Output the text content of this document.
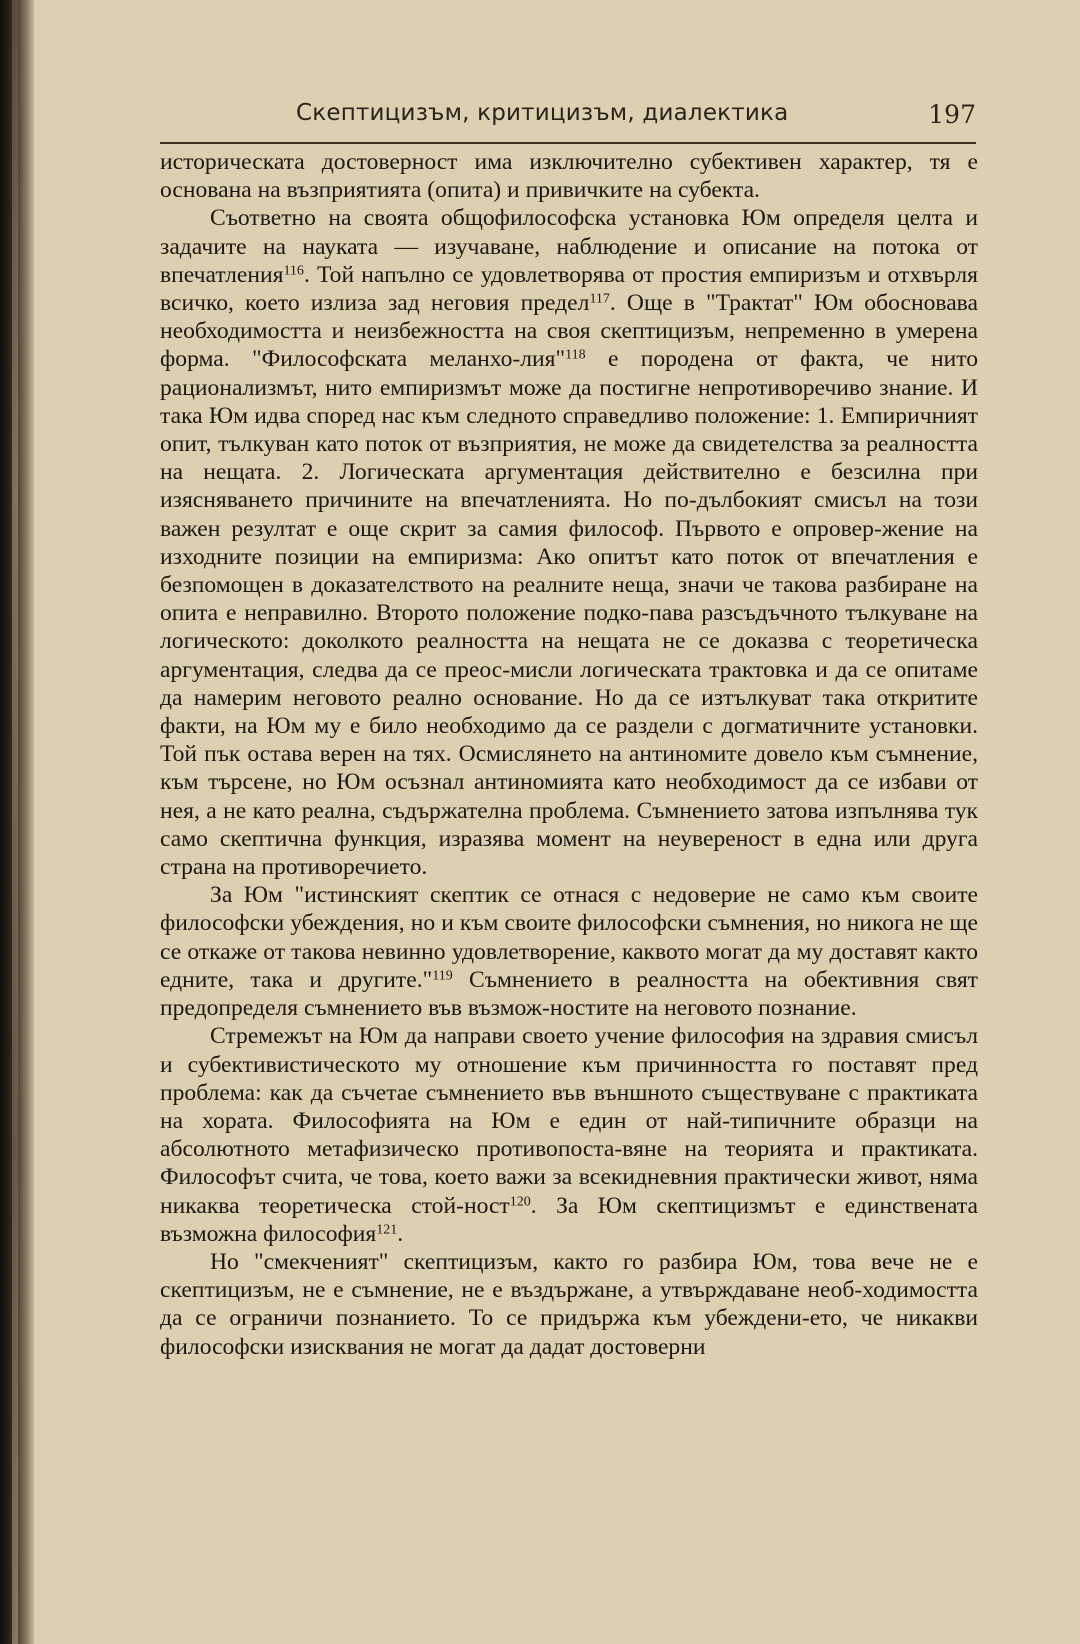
Скептицизъм, критицизъм, диалектика	197

историческата достоверност има изключително субективен характер, тя е основана на възприятията (опита) и привичките на субекта.

Съответно на своята общофилософска установка Юм определя целта и задачите на науката — изучаване, наблюдение и описание на потока от впечатления$^{116}$. Той напълно се удовлетворява от простия емпиризъм и отхвърля всичко, което излиза зад неговия предел$^{117}$. Още в "Трактат" Юм обосновава необходимостта и неизбежността на своя скептицизъм, непременно в умерена форма. "Философската меланхо-лия"$^{118}$ е породена от факта, че нито рационализмът, нито емпиризмът може да постигне непротиворечиво знание. И така Юм идва според нас към следното справедливо положение: 1. Емпиричният опит, тълкуван като поток от възприятия, не може да свидетелства за реалността на нещата. 2. Логическата аргументация действително е безсилна при изясняването причините на впечатленията. Но по-дълбокият смисъл на този важен резултат е още скрит за самия философ. Първото е опровер-жение на изходните позиции на емпиризма: Ако опитът като поток от впечатления е безпомощен в доказателството на реалните неща, значи че такова разбиране на опита е неправилно. Второто положение подко-пава разсъдъчното тълкуване на логическото: доколкото реалността на нещата не се доказва с теоретическа аргументация, следва да се преос-мисли логическата трактовка и да се опитаме да намерим неговото реално основание. Но да се изтълкуват така откритите факти, на Юм му е било необходимо да се раздели с догматичните установки. Той пък остава верен на тях. Осмислянето на антиномите довело към съмнение, към търсене, но Юм осъзнал антиномията като необходимост да се избави от нея, а не като реална, съдържателна проблема. Съмнението затова изпълнява тук само скептична функция, изразява момент на неувереност в една или друга страна на противоречието.

За Юм "истинският скептик се отнася с недоверие не само към своите философски убеждения, но и към своите философски съмнения, но никога не ще се откаже от такова невинно удовлетворение, каквото могат да му доставят както едните, така и другите."$^{119}$ Съмнението в реалността на обективния свят предопределя съмнението във възмож-ностите на неговото познание.

Стремежът на Юм да направи своето учение философия на здравия смисъл и субективистическото му отношение към причинността го поставят пред проблема: как да съчетае съмнението във външното съществуване с практиката на хората. Философията на Юм е един от най-типичните образци на абсолютното метафизическо противопоста-вяне на теорията и практиката. Философът счита, че това, което важи за всекидневния практически живот, няма никаква теоретическа стой-ност$^{120}$. За Юм скептицизмът е единствената възможна философия$^{121}$.

Но "смекченият" скептицизъм, както го разбира Юм, това вече не е скептицизъм, не е съмнение, не е въздържане, а утвърждаване необ-ходимостта да се ограничи познанието. То се придържа към убеждени-ето, че никакви философски изисквания не могат да дадат достоверни
